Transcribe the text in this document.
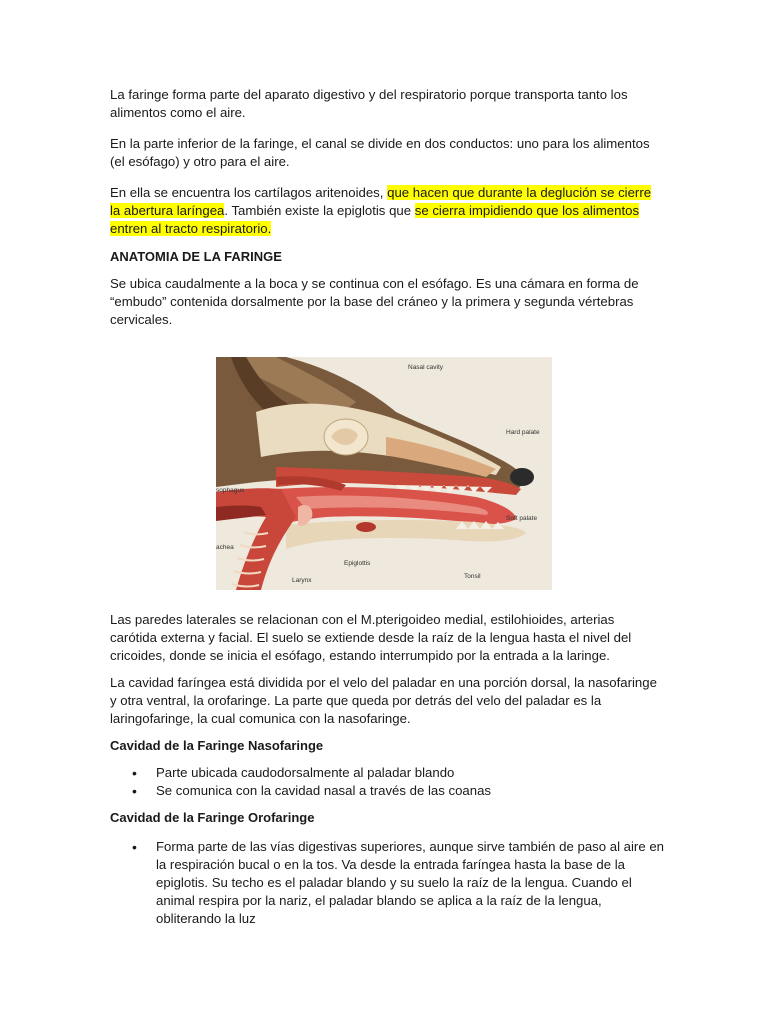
La faringe forma parte del aparato digestivo y del respiratorio porque transporta tanto los alimentos como el aire.

En la parte inferior de la faringe, el canal se divide en dos conductos: uno para los alimentos (el esófago) y otro para el aire.

En ella se encuentra los cartílagos aritenoides, que hacen que durante la deglución se cierre la abertura laríngea. También existe la epiglotis que se cierra impidiendo que los alimentos entren al tracto respiratorio.

ANATOMIA DE LA FARINGE

Se ubica caudalmente a la boca y se continua con el esófago. Es una cámara en forma de “embudo” contenida dorsalmente por la base del cráneo y la primera y segunda vértebras cervicales.

Nasal cavity
Hard palate
sophagus
Soft palate
achea
Larynx
Epiglottis
Tonsil

Las paredes laterales se relacionan con el M.pterigoideo medial, estilohioides, arterias carótida externa y facial. El suelo se extiende desde la raíz de la lengua hasta el nivel del cricoides, donde se inicia el esófago, estando interrumpido por la entrada a la laringe.

La cavidad faríngea está dividida por el velo del paladar en una porción dorsal, la nasofaringe y otra ventral, la orofaringe. La parte que queda por detrás del velo del paladar es la laringofaringe, la cual comunica con la nasofaringe.

Cavidad de la Faringe Nasofaringe
• Parte ubicada caudodorsalmente al paladar blando
• Se comunica con la cavidad nasal a través de las coanas
Cavidad de la Faringe Orofaringe
• Forma parte de las vías digestivas superiores, aunque sirve también de paso al aire en la respiración bucal o en la tos. Va desde la entrada faríngea hasta la base de la epiglotis. Su techo es el paladar blando y su suelo la raíz de la lengua. Cuando el animal respira por la nariz, el paladar blando se aplica a la raíz de la lengua, obliterando la luz
